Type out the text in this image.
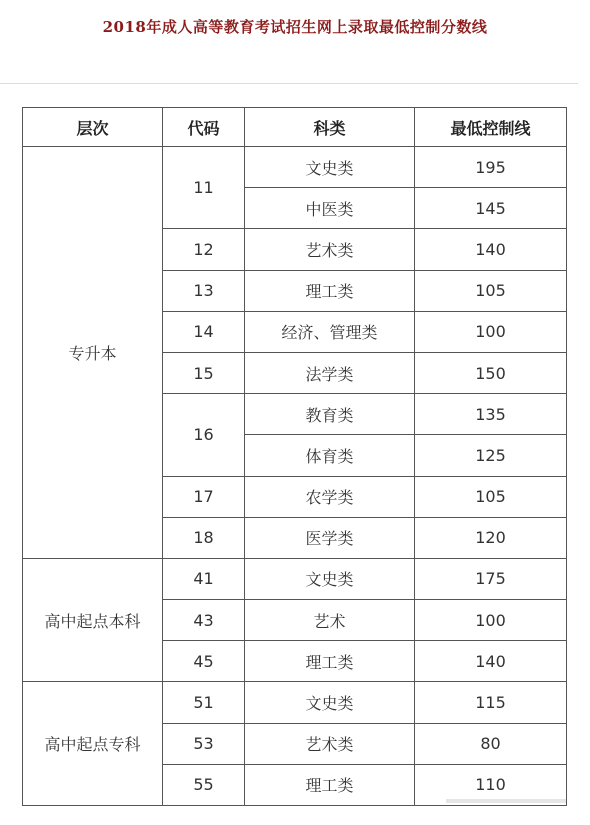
2018年成人高等教育考试招生网上录取最低控制分数线
层次	代码	科类	最低控制线
专升本	11	文史类	195
		中医类	145
	12	艺术类	140
	13	理工类	105
	14	经济、管理类	100
	15	法学类	150
	16	教育类	135
		体育类	125
	17	农学类	105
	18	医学类	120
高中起点本科	41	文史类	175
	43	艺术	100
	45	理工类	140
高中起点专科	51	文史类	115
	53	艺术类	80
	55	理工类	110
